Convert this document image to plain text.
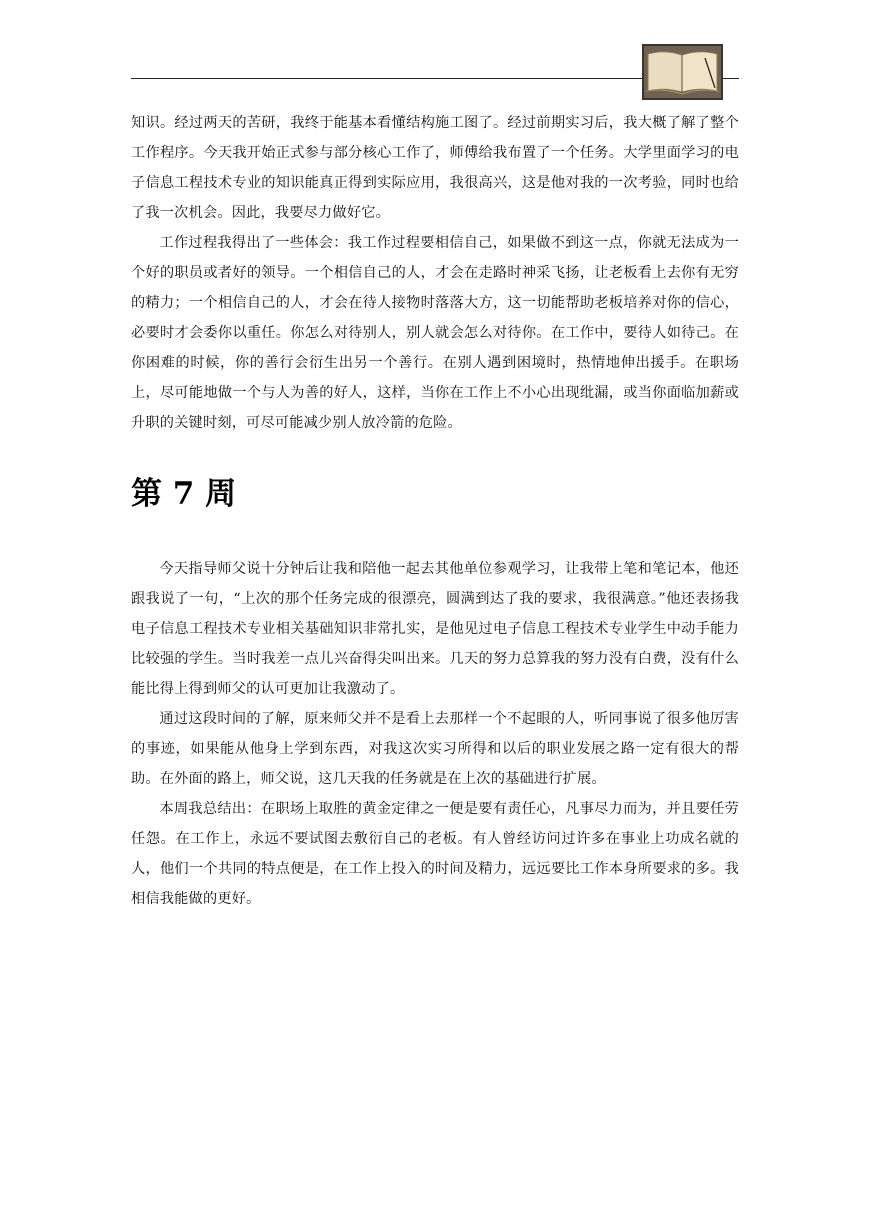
知识。经过两天的苦研，我终于能基本看懂结构施工图了。经过前期实习后，我大概了解了整个工作程序。今天我开始正式参与部分核心工作了，师傅给我布置了一个任务。大学里面学习的电子信息工程技术专业的知识能真正得到实际应用，我很高兴，这是他对我的一次考验，同时也给了我一次机会。因此，我要尽力做好它。

工作过程我得出了一些体会：我工作过程要相信自己，如果做不到这一点，你就无法成为一个好的职员或者好的领导。一个相信自己的人，才会在走路时神采飞扬，让老板看上去你有无穷的精力；一个相信自己的人，才会在待人接物时落落大方，这一切能帮助老板培养对你的信心，必要时才会委你以重任。你怎么对待别人，别人就会怎么对待你。在工作中，要待人如待己。在你困难的时候，你的善行会衍生出另一个善行。在别人遇到困境时，热情地伸出援手。在职场上，尽可能地做一个与人为善的好人，这样，当你在工作上不小心出现纰漏，或当你面临加薪或升职的关键时刻，可尽可能减少别人放冷箭的危险。

第 7 周

今天指导师父说十分钟后让我和陪他一起去其他单位参观学习，让我带上笔和笔记本，他还跟我说了一句，“上次的那个任务完成的很漂亮，圆满到达了我的要求，我很满意。”他还表扬我电子信息工程技术专业相关基础知识非常扎实，是他见过电子信息工程技术专业学生中动手能力比较强的学生。当时我差一点儿兴奋得尖叫出来。几天的努力总算我的努力没有白费，没有什么能比得上得到师父的认可更加让我激动了。

通过这段时间的了解，原来师父并不是看上去那样一个不起眼的人，听同事说了很多他厉害的事迹，如果能从他身上学到东西，对我这次实习所得和以后的职业发展之路一定有很大的帮助。在外面的路上，师父说，这几天我的任务就是在上次的基础进行扩展。

本周我总结出：在职场上取胜的黄金定律之一便是要有责任心，凡事尽力而为，并且要任劳任怨。在工作上，永远不要试图去敷衍自己的老板。有人曾经访问过许多在事业上功成名就的人，他们一个共同的特点便是，在工作上投入的时间及精力，远远要比工作本身所要求的多。我相信我能做的更好。
